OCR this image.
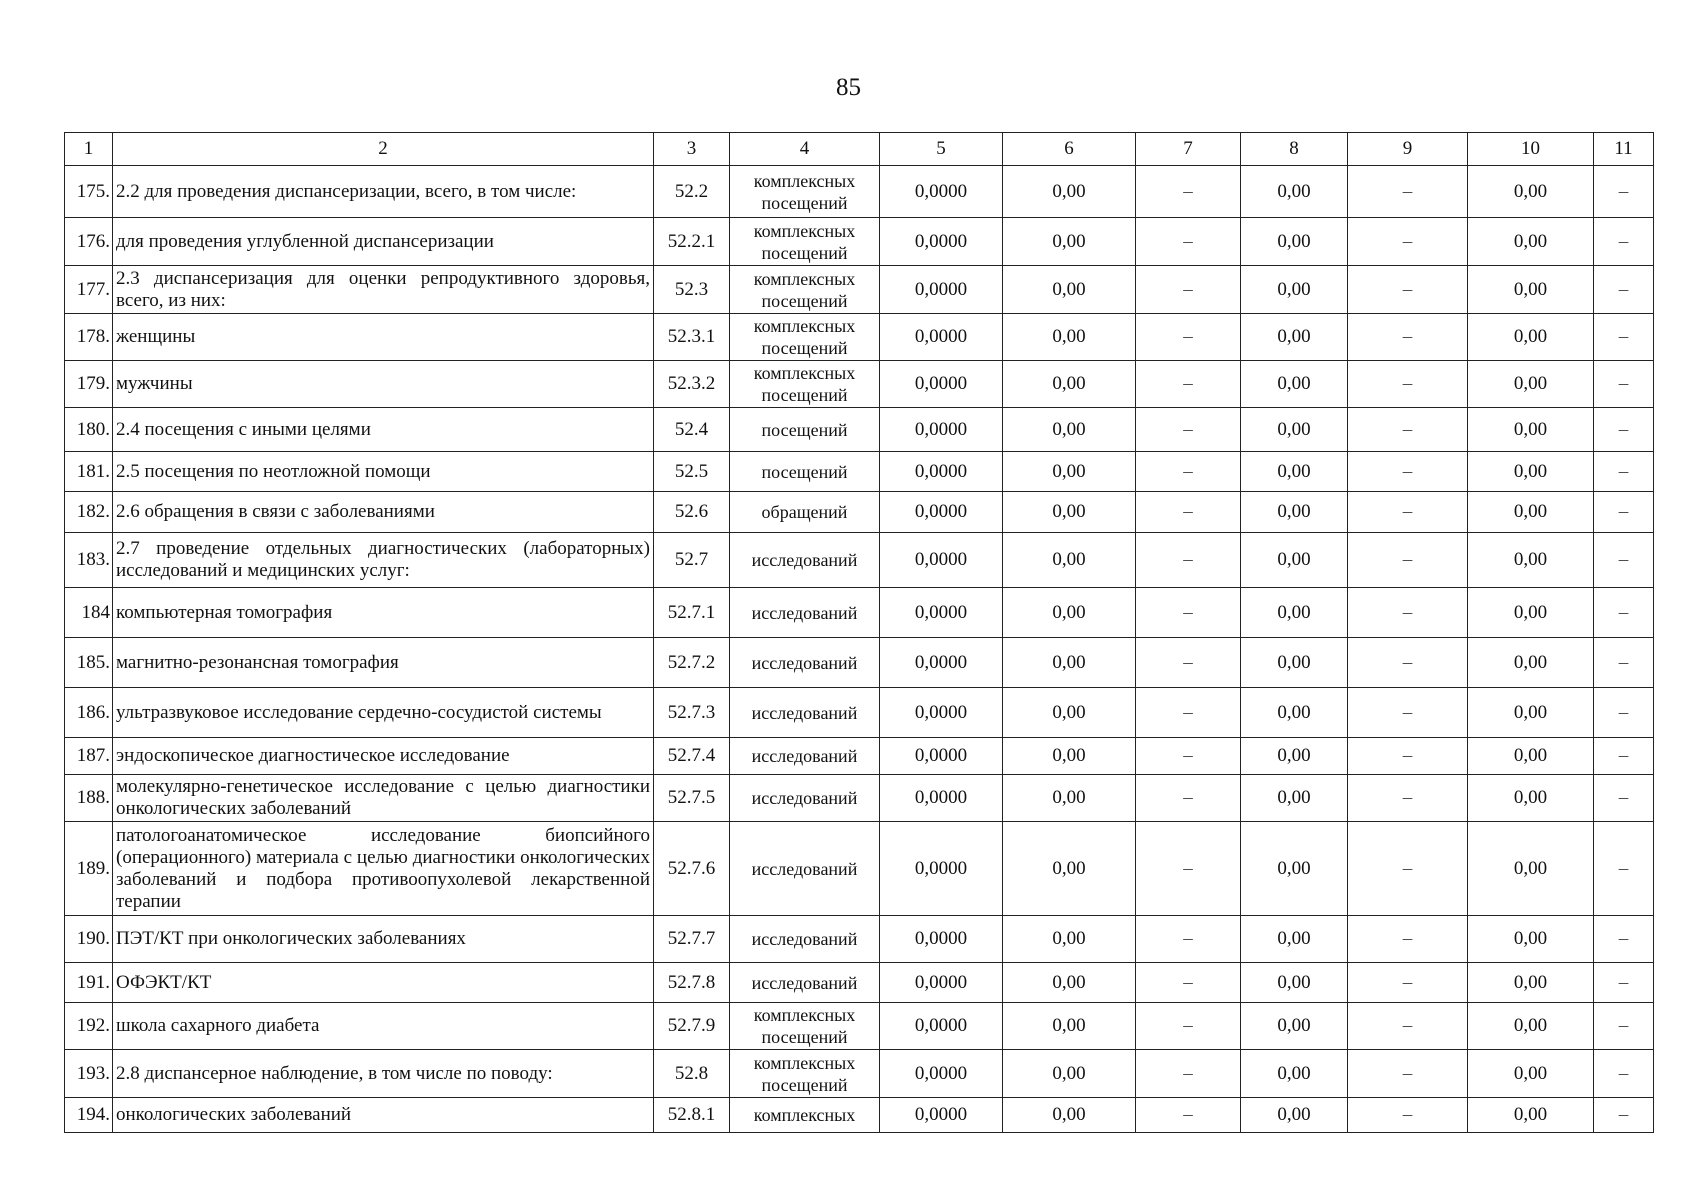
85
1	2	3	4	5	6	7	8	9	10	11
175.	2.2 для проведения диспансеризации, всего, в том числе:	52.2	комплексных посещений	0,0000	0,00	–	0,00	–	0,00	–
176.	для проведения углубленной диспансеризации	52.2.1	комплексных посещений	0,0000	0,00	–	0,00	–	0,00	–
177.	2.3 диспансеризация для оценки репродуктивного здоровья, всего, из них:	52.3	комплексных посещений	0,0000	0,00	–	0,00	–	0,00	–
178.	женщины	52.3.1	комплексных посещений	0,0000	0,00	–	0,00	–	0,00	–
179.	мужчины	52.3.2	комплексных посещений	0,0000	0,00	–	0,00	–	0,00	–
180.	2.4 посещения с иными целями	52.4	посещений	0,0000	0,00	–	0,00	–	0,00	–
181.	2.5 посещения по неотложной помощи	52.5	посещений	0,0000	0,00	–	0,00	–	0,00	–
182.	2.6 обращения в связи с заболеваниями	52.6	обращений	0,0000	0,00	–	0,00	–	0,00	–
183.	2.7 проведение отдельных диагностических (лабораторных) исследований и медицинских услуг:	52.7	исследований	0,0000	0,00	–	0,00	–	0,00	–
184	компьютерная томография	52.7.1	исследований	0,0000	0,00	–	0,00	–	0,00	–
185.	магнитно-резонансная томография	52.7.2	исследований	0,0000	0,00	–	0,00	–	0,00	–
186.	ультразвуковое исследование сердечно-сосудистой системы	52.7.3	исследований	0,0000	0,00	–	0,00	–	0,00	–
187.	эндоскопическое диагностическое исследование	52.7.4	исследований	0,0000	0,00	–	0,00	–	0,00	–
188.	молекулярно-генетическое исследование с целью диагностики онкологических заболеваний	52.7.5	исследований	0,0000	0,00	–	0,00	–	0,00	–
189.	патологоанатомическое исследование биопсийного (операционного) материала с целью диагностики онкологических заболеваний и подбора противоопухолевой лекарственной терапии	52.7.6	исследований	0,0000	0,00	–	0,00	–	0,00	–
190.	ПЭТ/КТ при онкологических заболеваниях	52.7.7	исследований	0,0000	0,00	–	0,00	–	0,00	–
191.	ОФЭКТ/КТ	52.7.8	исследований	0,0000	0,00	–	0,00	–	0,00	–
192.	школа сахарного диабета	52.7.9	комплексных посещений	0,0000	0,00	–	0,00	–	0,00	–
193.	2.8 диспансерное наблюдение, в том числе по поводу:	52.8	комплексных посещений	0,0000	0,00	–	0,00	–	0,00	–
194.	онкологических заболеваний	52.8.1	комплексных	0,0000	0,00	–	0,00	–	0,00	–
